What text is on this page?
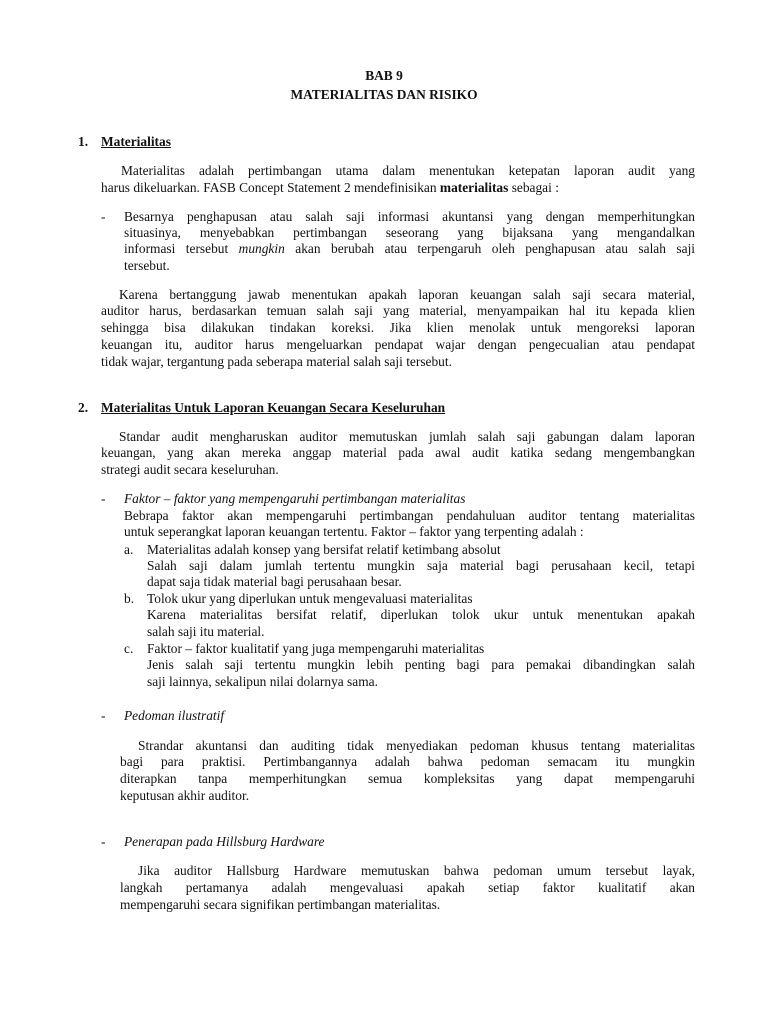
BAB 9
MATERIALITAS DAN RISIKO
1. Materialitas
Materialitas adalah pertimbangan utama dalam menentukan ketepatan laporan audit yang
harus dikeluarkan. FASB Concept Statement 2 mendefinisikan materialitas sebagai :
- Besarnya penghapusan atau salah saji informasi akuntansi yang dengan memperhitungkan
situasinya, menyebabkan pertimbangan seseorang yang bijaksana yang mengandalkan
informasi tersebut mungkin akan berubah atau terpengaruh oleh penghapusan atau salah saji
tersebut.
Karena bertanggung jawab menentukan apakah laporan keuangan salah saji secara material,
auditor harus, berdasarkan temuan salah saji yang material, menyampaikan hal itu kepada klien
sehingga bisa dilakukan tindakan koreksi. Jika klien menolak untuk mengoreksi laporan
keuangan itu, auditor harus mengeluarkan pendapat wajar dengan pengecualian atau pendapat
tidak wajar, tergantung pada seberapa material salah saji tersebut.
2. Materialitas Untuk Laporan Keuangan Secara Keseluruhan
Standar audit mengharuskan auditor memutuskan jumlah salah saji gabungan dalam laporan
keuangan, yang akan mereka anggap material pada awal audit katika sedang mengembangkan
strategi audit secara keseluruhan.
- Faktor – faktor yang mempengaruhi pertimbangan materialitas
Bebrapa faktor akan mempengaruhi pertimbangan pendahuluan auditor tentang materialitas
untuk seperangkat laporan keuangan tertentu. Faktor – faktor yang terpenting adalah :
a. Materialitas adalah konsep yang bersifat relatif ketimbang absolut
Salah saji dalam jumlah tertentu mungkin saja material bagi perusahaan kecil, tetapi
dapat saja tidak material bagi perusahaan besar.
b. Tolok ukur yang diperlukan untuk mengevaluasi materialitas
Karena materialitas bersifat relatif, diperlukan tolok ukur untuk menentukan apakah
salah saji itu material.
c. Faktor – faktor kualitatif yang juga mempengaruhi materialitas
Jenis salah saji tertentu mungkin lebih penting bagi para pemakai dibandingkan salah
saji lainnya, sekalipun nilai dolarnya sama.
- Pedoman ilustratif
Strandar akuntansi dan auditing tidak menyediakan pedoman khusus tentang materialitas
bagi para praktisi. Pertimbangannya adalah bahwa pedoman semacam itu mungkin
diterapkan tanpa memperhitungkan semua kompleksitas yang dapat mempengaruhi
keputusan akhir auditor.
- Penerapan pada Hillsburg Hardware
Jika auditor Hallsburg Hardware memutuskan bahwa pedoman umum tersebut layak,
langkah pertamanya adalah mengevaluasi apakah setiap faktor kualitatif akan
mempengaruhi secara signifikan pertimbangan materialitas.
